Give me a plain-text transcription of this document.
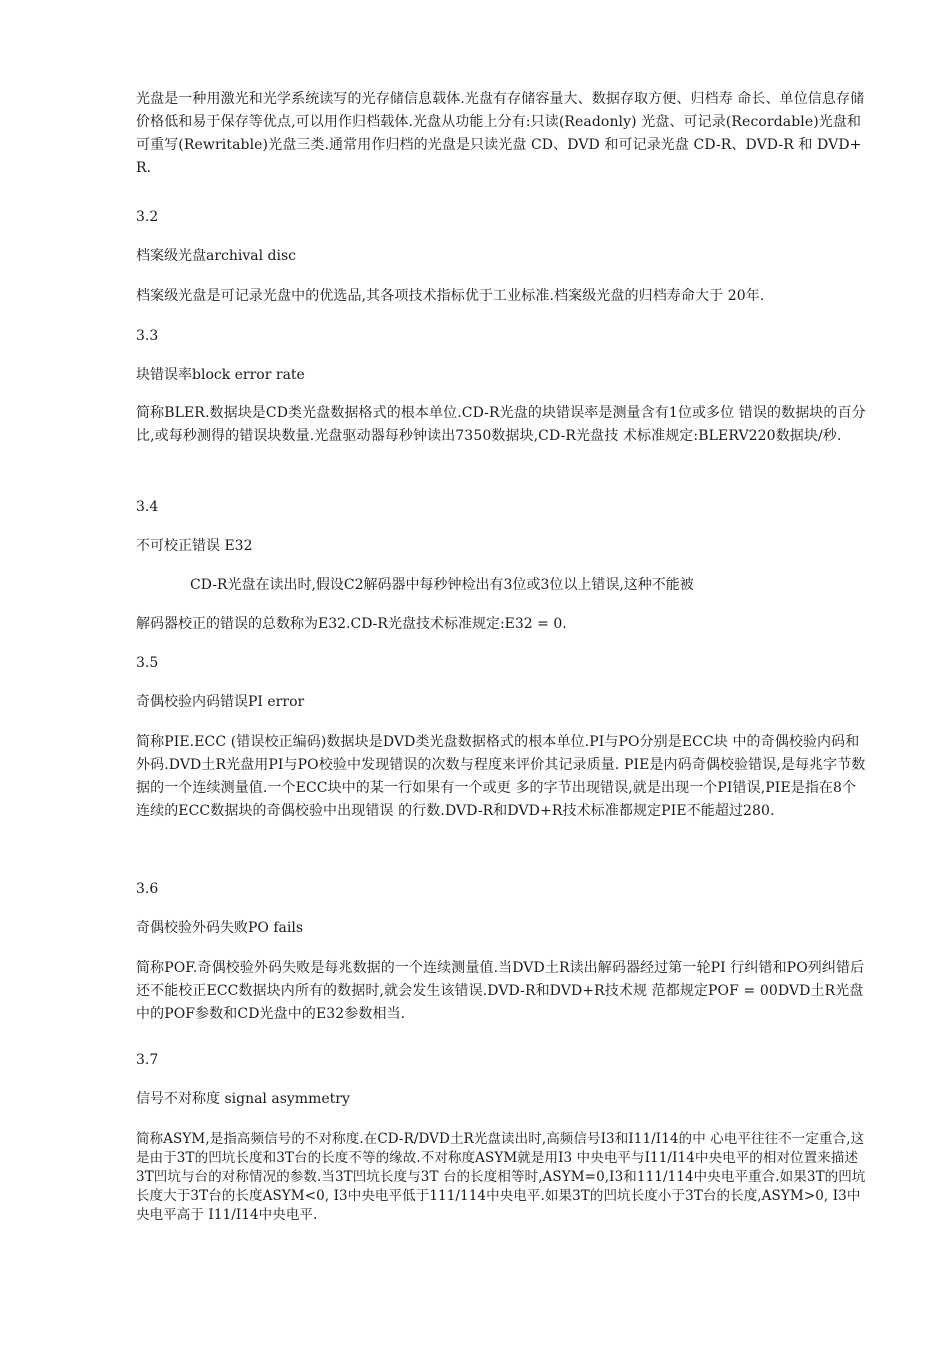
光盘是一种用激光和光学系统读写的光存储信息载体.光盘有存储容量大、数据存取方便、归档寿 命长、单位信息存储价格低和易于保存等优点,可以用作归档载体.光盘从功能上分有:只读(Readonly) 光盘、可记录(Recordable)光盘和可重写(Rewritable)光盘三类.通常用作归档的光盘是只读光盘 CD、DVD 和可记录光盘 CD-R、DVD-R 和 DVD+R.
3.2
档案级光盘archival disc
档案级光盘是可记录光盘中的优选品,其各项技术指标优于工业标准.档案级光盘的归档寿命大于 20年.
3.3
块错误率block error rate
简称BLER.数据块是CD类光盘数据格式的根本单位.CD-R光盘的块错误率是测量含有1位或多位 错误的数据块的百分比,或每秒测得的错误块数量.光盘驱动器每秒钟读出7350数据块,CD-R光盘技 术标准规定:BLERV220数据块/秒.
3.4
不可校正错误 E32
CD-R光盘在读出时,假设C2解码器中每秒钟检出有3位或3位以上错误,这种不能被
解码器校正的错误的总数称为E32.CD-R光盘技术标准规定:E32 = 0.
3.5
奇偶校验内码错误PI error
简称PIE.ECC (错误校正编码)数据块是DVD类光盘数据格式的根本单位.PI与PO分别是ECC块 中的奇偶校验内码和外码.DVD土R光盘用PI与PO校验中发现错误的次数与程度来评价其记录质量. PIE是内码奇偶校验错误,是每兆字节数据的一个连续测量值.一个ECC块中的某一行如果有一个或更 多的字节出现错误,就是出现一个PI错误,PIE是指在8个连续的ECC数据块的奇偶校验中出现错误 的行数.DVD-R和DVD+R技术标准都规定PIE不能超过280.
3.6
奇偶校验外码失败PO fails
简称POF.奇偶校验外码失败是每兆数据的一个连续测量值.当DVD土R读出解码器经过第一轮PI 行纠错和PO列纠错后还不能校正ECC数据块内所有的数据时,就会发生该错误.DVD-R和DVD+R技术规 范都规定POF = 00DVD土R光盘中的POF参数和CD光盘中的E32参数相当.
3.7
信号不对称度 signal asymmetry
简称ASYM,是指高频信号的不对称度.在CD-R/DVD土R光盘读出时,高频信号I3和I11/I14的中 心电平往往不一定重合,这是由于3T的凹坑长度和3T台的长度不等的缘故.不对称度ASYM就是用I3 中央电平与I11/I14中央电平的相对位置来描述3T凹坑与台的对称情况的参数.当3T凹坑长度与3T 台的长度相等时,ASYM=0,I3和111/114中央电平重合.如果3T的凹坑长度大于3T台的长度ASYM<0, I3中央电平低于111/114中央电平.如果3T的凹坑长度小于3T台的长度,ASYM>0, I3中央电平高于 I11/I14中央电平.
